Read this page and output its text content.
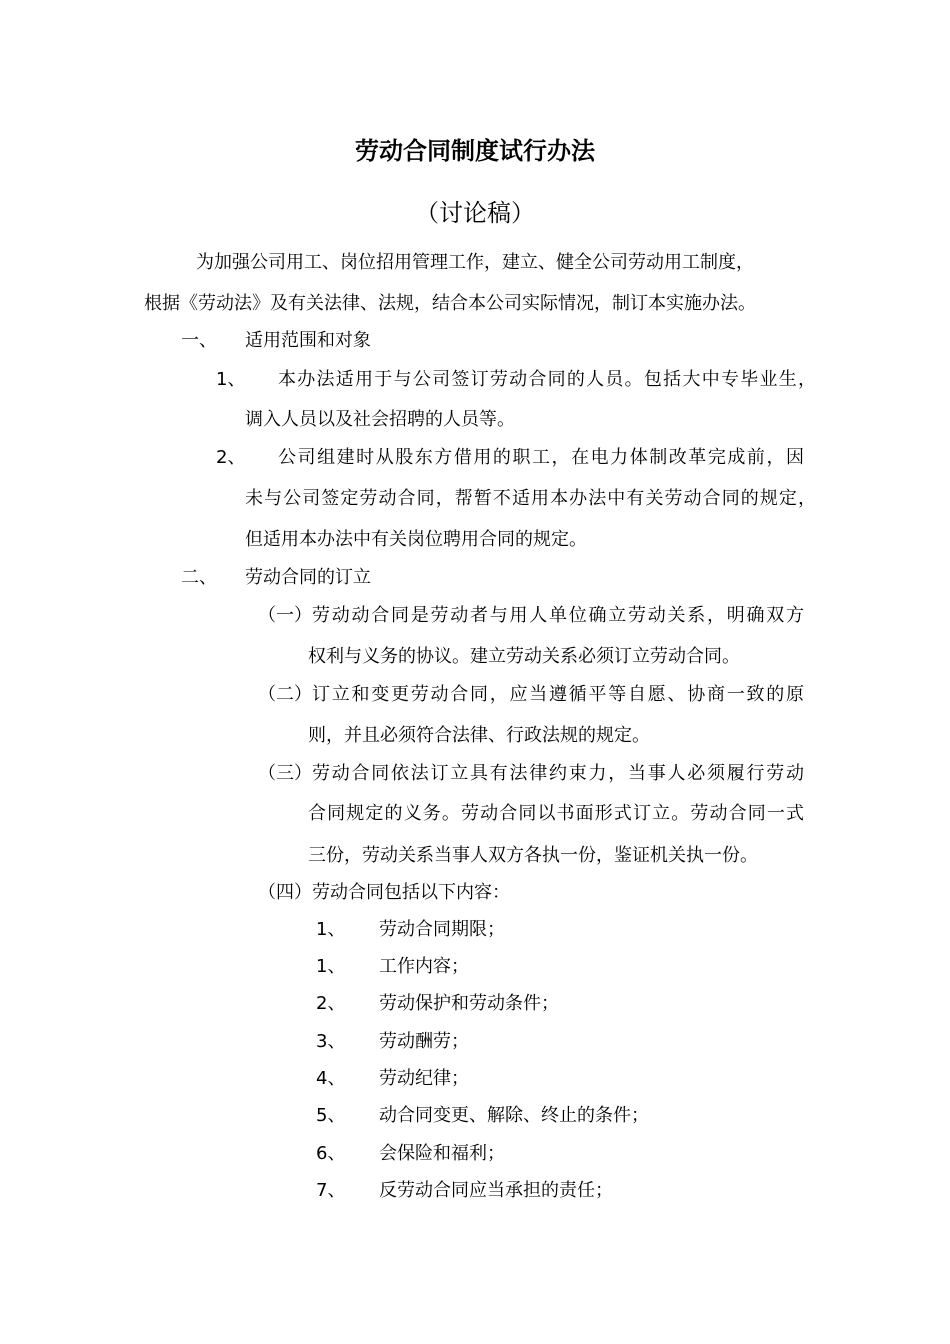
劳动合同制度试行办法
（讨论稿）
为加强公司用工、岗位招用管理工作，建立、健全公司劳动用工制度，
根据《劳动法》及有关法律、法规，结合本公司实际情况，制订本实施办法。
一、 适用范围和对象
1、 本办法适用于与公司签订劳动合同的人员。包括大中专毕业生，
调入人员以及社会招聘的人员等。
2、 公司组建时从股东方借用的职工，在电力体制改革完成前，因
未与公司签定劳动合同，帮暂不适用本办法中有关劳动合同的规定，
但适用本办法中有关岗位聘用合同的规定。
二、 劳动合同的订立
（一） 劳动动合同是劳动者与用人单位确立劳动关系，明确双方
权利与义务的协议。建立劳动关系必须订立劳动合同。
（二） 订立和变更劳动合同，应当遵循平等自愿、协商一致的原
则，并且必须符合法律、行政法规的规定。
（三） 劳动合同依法订立具有法律约束力，当事人必须履行劳动
合同规定的义务。劳动合同以书面形式订立。劳动合同一式
三份，劳动关系当事人双方各执一份，鉴证机关执一份。
（四） 劳动合同包括以下内容：
1、 劳动合同期限；
1、 工作内容；
2、 劳动保护和劳动条件；
3、 劳动酬劳；
4、 劳动纪律；
5、 动合同变更、解除、终止的条件；
6、 会保险和福利；
7、 反劳动合同应当承担的责任；
